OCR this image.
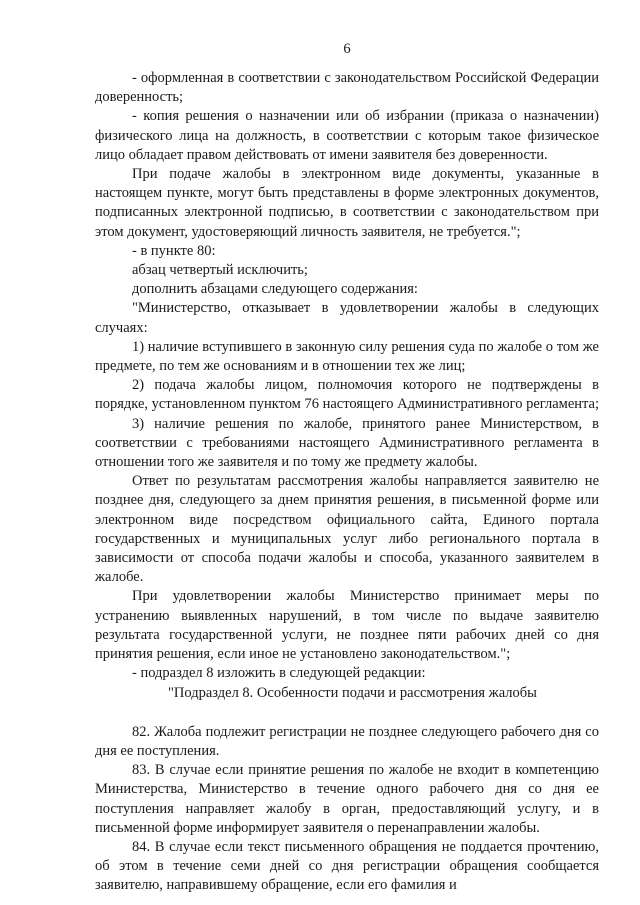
6

- оформленная в соответствии с законодательством Российской Федерации доверенность;

- копия решения о назначении или об избрании (приказа о назначении) физического лица на должность, в соответствии с которым такое физическое лицо обладает правом действовать от имени заявителя без доверенности.

При подаче жалобы в электронном виде документы, указанные в настоящем пункте, могут быть представлены в форме электронных документов, подписанных электронной подписью, в соответствии с законодательством при этом документ, удостоверяющий личность заявителя, не требуется.";

- в пункте 80:

абзац четвертый исключить;

дополнить абзацами следующего содержания:

"Министерство, отказывает в удовлетворении жалобы в следующих случаях:

1) наличие вступившего в законную силу решения суда по жалобе о том же предмете, по тем же основаниям и в отношении тех же лиц;

2) подача жалобы лицом, полномочия которого не подтверждены в порядке, установленном пунктом 76 настоящего Административного регламента;

3) наличие решения по жалобе, принятого ранее Министерством, в соответствии с требованиями настоящего Административного регламента в отношении того же заявителя и по тому же предмету жалобы.

Ответ по результатам рассмотрения жалобы направляется заявителю не позднее дня, следующего за днем принятия решения, в письменной форме или электронном виде посредством официального сайта, Единого портала государственных и муниципальных услуг либо регионального портала в зависимости от способа подачи жалобы и способа, указанного заявителем в жалобе.

При удовлетворении жалобы Министерство принимает меры по устранению выявленных нарушений, в том числе по выдаче заявителю результата государственной услуги, не позднее пяти рабочих дней со дня принятия решения, если иное не установлено законодательством.";

- подраздел 8 изложить в следующей редакции:

"Подраздел 8. Особенности подачи и рассмотрения жалобы

82. Жалоба подлежит регистрации не позднее следующего рабочего дня со дня ее поступления.

83. В случае если принятие решения по жалобе не входит в компетенцию Министерства, Министерство в течение одного рабочего дня со дня ее поступления направляет жалобу в орган, предоставляющий услугу, и в письменной форме информирует заявителя о перенаправлении жалобы.

84. В случае если текст письменного обращения не поддается прочтению, об этом в течение семи дней со дня регистрации обращения сообщается заявителю, направившему обращение, если его фамилия и
